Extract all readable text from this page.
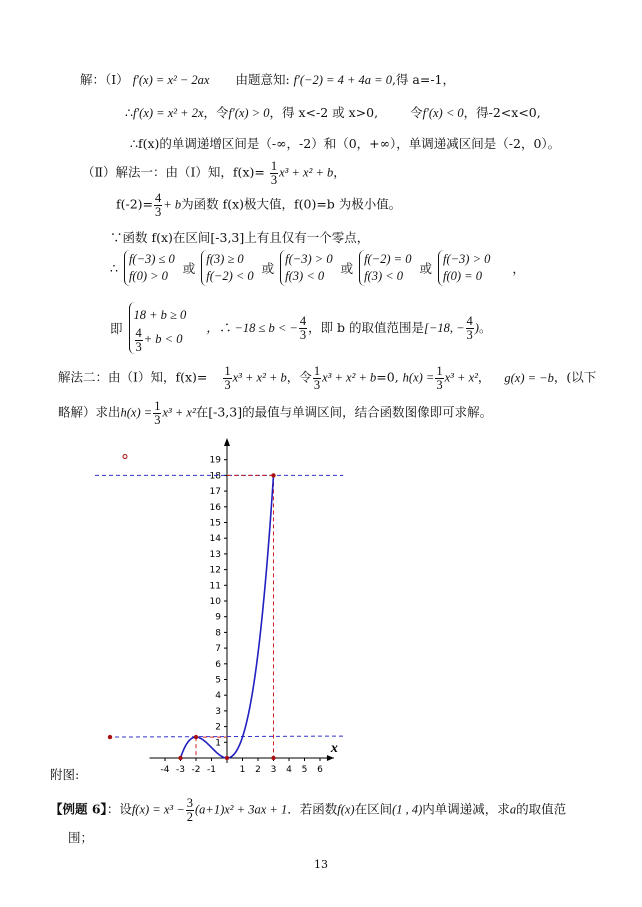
解：（Ⅰ） f′(x) = x² − 2ax 由题意知: f′(−2) = 4 + 4a = 0,得 a=-1，
∴f′(x) = x² + 2x，令f′(x) > 0，得 x<-2 或 x>0,	令f′(x) < 0，得-2<x<0,
∴f(x)的单调递增区间是（-∞，-2）和（0，+∞），单调递减区间是（-2，0）。
（Ⅱ）解法一：由（Ⅰ）知，$f(x)= \frac{1}{3} x^3 + x^2 + b$，
$f(-2)= \frac{4}{3} + b$为函数 f(x)极大值，f(0)=b 为极小值。
∵函数 f(x)在区间[-3,3]上有且仅有一个零点，
∴ f(−3) ≤ 0
f(0) > 0 或 f(3) ≥ 0
f(−2) < 0 或 f(−3) > 0
f(3) < 0 或 f(−2) = 0
f(3) < 0 或 f(−3) > 0
f(0) = 0 ，
即 18 + b ≥ 0

$\frac{4}{3} + b < 0$ ，∴ −18 ≤ b < − $\frac{4}{3}$ ，即 b 的取值范围是[−18, − $\frac{4}{3}$ )。
解法二：由（Ⅰ）知，$f(x)= \frac{1}{3} x^3 + x^2 + b$，令 $\frac{1}{3} x^3 + x^2 + b=0$, $h(x) = \frac{1}{3} x^3 + x^2$， g(x) = −b，(以下
略解）求出$h(x) = \frac{1}{3} x^3 + x^2$在[-3,3]的最值与单调区间，结合函数图像即可求解。
x
-4 -3 -2 -1	1 2 3 4 5 6
1
2
3
4
5
6
7
8
9
10
11
12
13
14
15
16
17
18
19
附图:
【例题 6】：设$f(x) = x^3 - \frac{3}{2} (a+1)x^2 + 3ax + 1$．若函数f(x)在区间(1 , 4)内单调递减，求a的取值范
围；
13
